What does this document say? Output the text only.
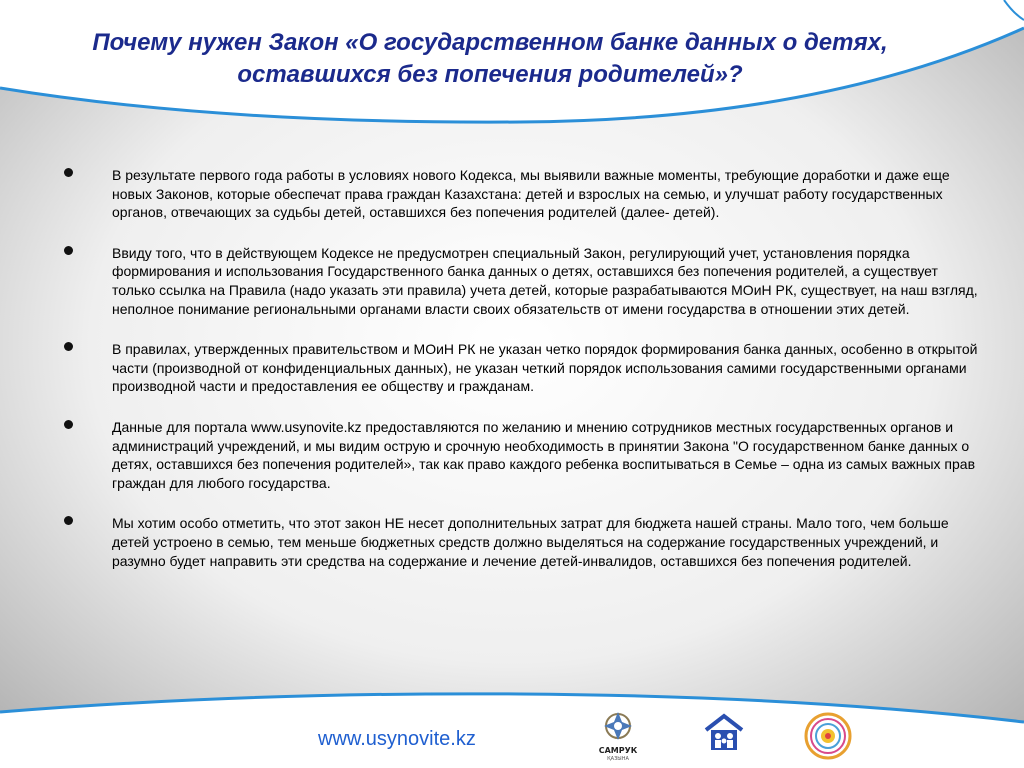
Почему нужен Закон «О государственном банке данных о детях, оставшихся без попечения родителей»?
В результате первого года работы в условиях нового Кодекса, мы выявили важные моменты, требующие доработки и даже еще новых Законов, которые обеспечат права граждан Казахстана: детей и взрослых на семью, и улучшат работу государственных органов, отвечающих за судьбы детей, оставшихся без попечения родителей (далее- детей).
Ввиду того, что в действующем Кодексе не предусмотрен специальный Закон, регулирующий учет, установления порядка формирования и использования Государственного банка данных о детях, оставшихся без попечения родителей, а существует только ссылка на Правила (надо указать эти правила) учета детей, которые разрабатываются МОиН РК, существует, на наш взгляд, неполное понимание региональными органами власти своих обязательств от имени государства в отношении этих детей.
В правилах, утвержденных правительством и МОиН РК не указан четко порядок формирования банка данных, особенно в открытой части (производной от конфиденциальных данных), не указан четкий порядок использования самими государственными органами производной части и предоставления ее обществу и гражданам.
Данные для портала www.usynovite.kz предоставляются по желанию и мнению сотрудников местных государственных органов и администраций учреждений, и мы видим острую и срочную необходимость в принятии Закона "О государственном банке данных о детях, оставшихся без попечения родителей», так как право каждого ребенка воспитываться в Семье – одна из самых важных прав граждан для любого государства.
Мы хотим особо отметить, что этот закон НЕ несет дополнительных затрат для бюджета нашей страны. Мало того, чем больше детей устроено в семью, тем меньше бюджетных средств должно выделяться на содержание государственных учреждений, и разумно будет направить эти средства на содержание и лечение детей-инвалидов, оставшихся без попечения родителей.
www.usynovite.kz
САМРУК
ҚАЗЫНА
